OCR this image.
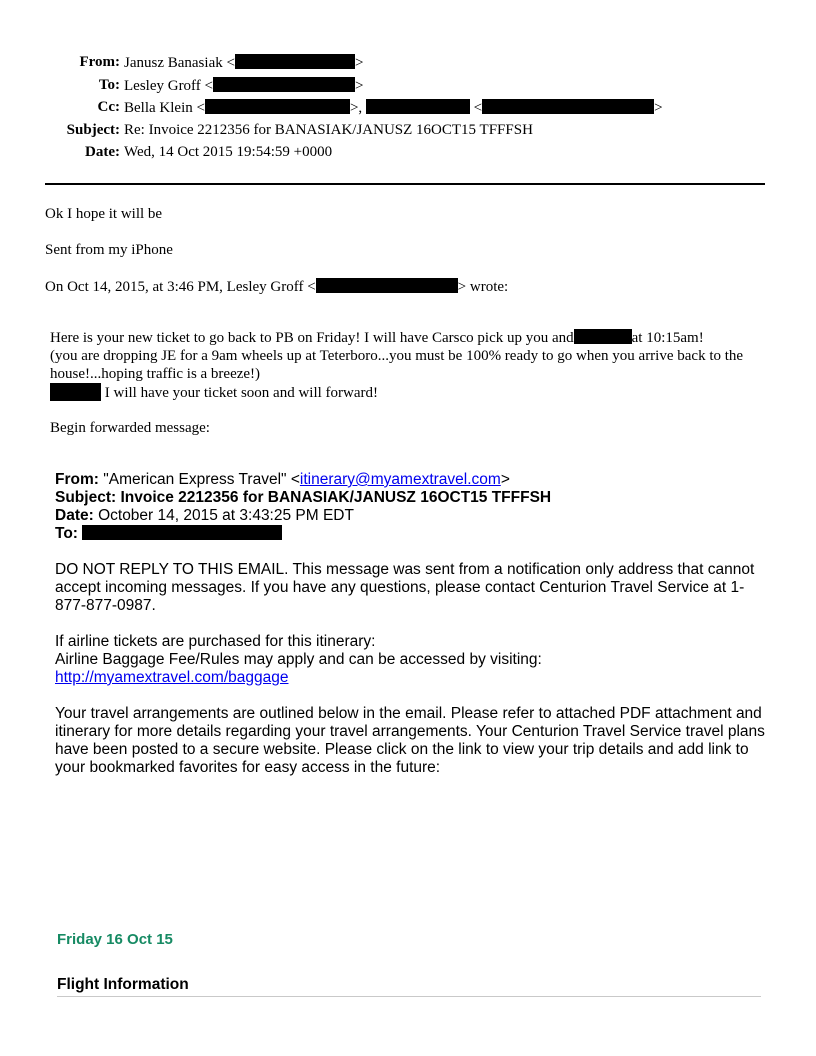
From: Janusz Banasiak <	>
To: Lesley Groff <	>
Cc: Bella Klein <	>,	<	>
Subject: Re: Invoice 2212356 for BANASIAK/JANUSZ 16OCT15 TFFFSH
Date: Wed, 14 Oct 2015 19:54:59 +0000
Ok I hope it will be
Sent from my iPhone
On Oct 14, 2015, at 3:46 PM, Lesley Groff <	> wrote:
Here is your new ticket to go back to PB on Friday! I will have Carsco pick up you and	at 10:15am!
(you are dropping JE for a 9am wheels up at Teterboro...you must be 100% ready to go when you arrive back to the house!...hoping traffic is a breeze!)
I will have your ticket soon and will forward!
Begin forwarded message:
From: "American Express Travel" <itinerary@myamextravel.com>
Subject: Invoice 2212356 for BANASIAK/JANUSZ 16OCT15 TFFFSH
Date: October 14, 2015 at 3:43:25 PM EDT
To:
DO NOT REPLY TO THIS EMAIL. This message was sent from a notification only address that cannot accept incoming messages. If you have any questions, please contact Centurion Travel Service at 1-877-877-0987.
If airline tickets are purchased for this itinerary:
Airline Baggage Fee/Rules may apply and can be accessed by visiting:
http://myamextravel.com/baggage
Your travel arrangements are outlined below in the email. Please refer to attached PDF attachment and itinerary for more details regarding your travel arrangements. Your Centurion Travel Service travel plans have been posted to a secure website. Please click on the link to view your trip details and add link to your bookmarked favorites for easy access in the future:
Friday 16 Oct 15
Flight Information
